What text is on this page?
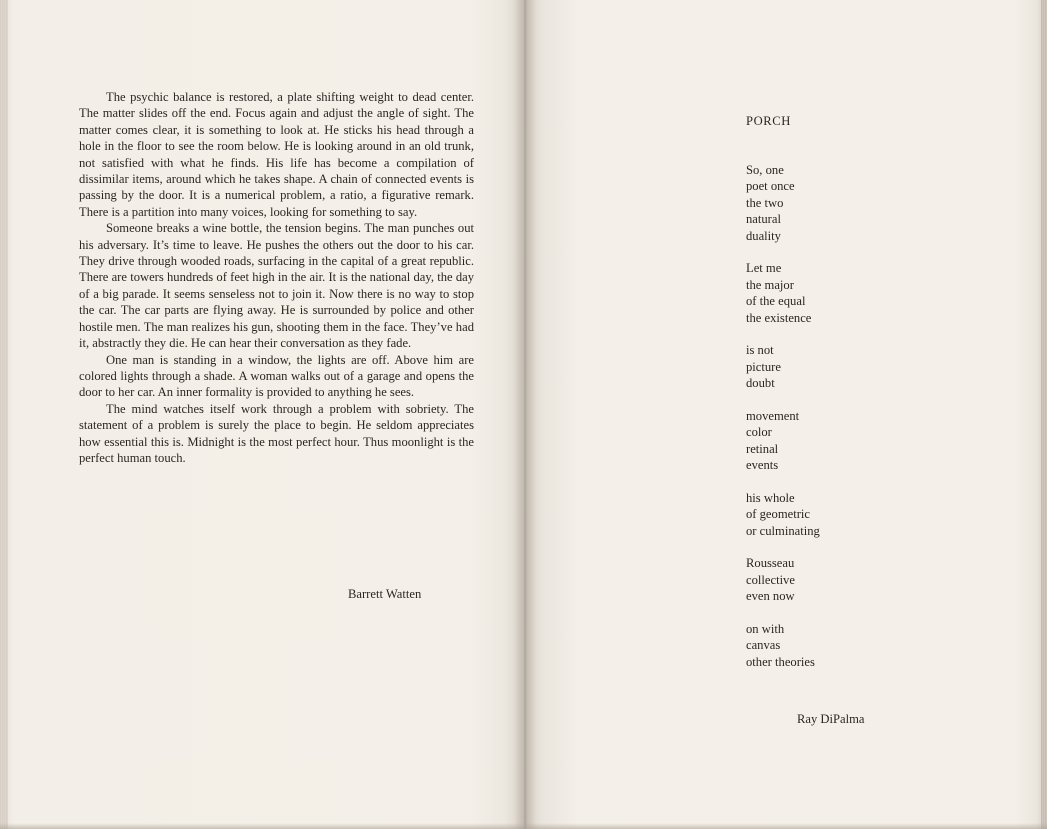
The psychic balance is restored, a plate shifting weight to dead center. The matter slides off the end. Focus again and adjust the angle of sight. The matter comes clear, it is something to look at. He sticks his head through a hole in the floor to see the room below. He is looking around in an old trunk, not satisfied with what he finds. His life has become a compilation of dissimilar items, around which he takes shape. A chain of connected events is passing by the door. It is a numerical problem, a ratio, a figurative remark. There is a partition into many voices, looking for something to say.

Someone breaks a wine bottle, the tension begins. The man punches out his adversary. It’s time to leave. He pushes the others out the door to his car. They drive through wooded roads, surfacing in the capital of a great republic. There are towers hundreds of feet high in the air. It is the national day, the day of a big parade. It seems senseless not to join it. Now there is no way to stop the car. The car parts are flying away. He is surrounded by police and other hostile men. The man realizes his gun, shooting them in the face. They’ve had it, abstractly they die. He can hear their conversation as they fade.

One man is standing in a window, the lights are off. Above him are colored lights through a shade. A woman walks out of a garage and opens the door to her car. An inner formality is provided to anything he sees.

The mind watches itself work through a problem with sobriety. The statement of a problem is surely the place to begin. He seldom appreciates how essential this is. Midnight is the most perfect hour. Thus moonlight is the perfect human touch.

Barrett Watten
PORCH
So, one
poet once
the two
natural
duality
Let me
the major
of the equal
the existence
is not
picture
doubt
movement
color
retinal
events
his whole
of geometric
or culminating
Rousseau
collective
even now
on with
canvas
other theories
Ray DiPalma
